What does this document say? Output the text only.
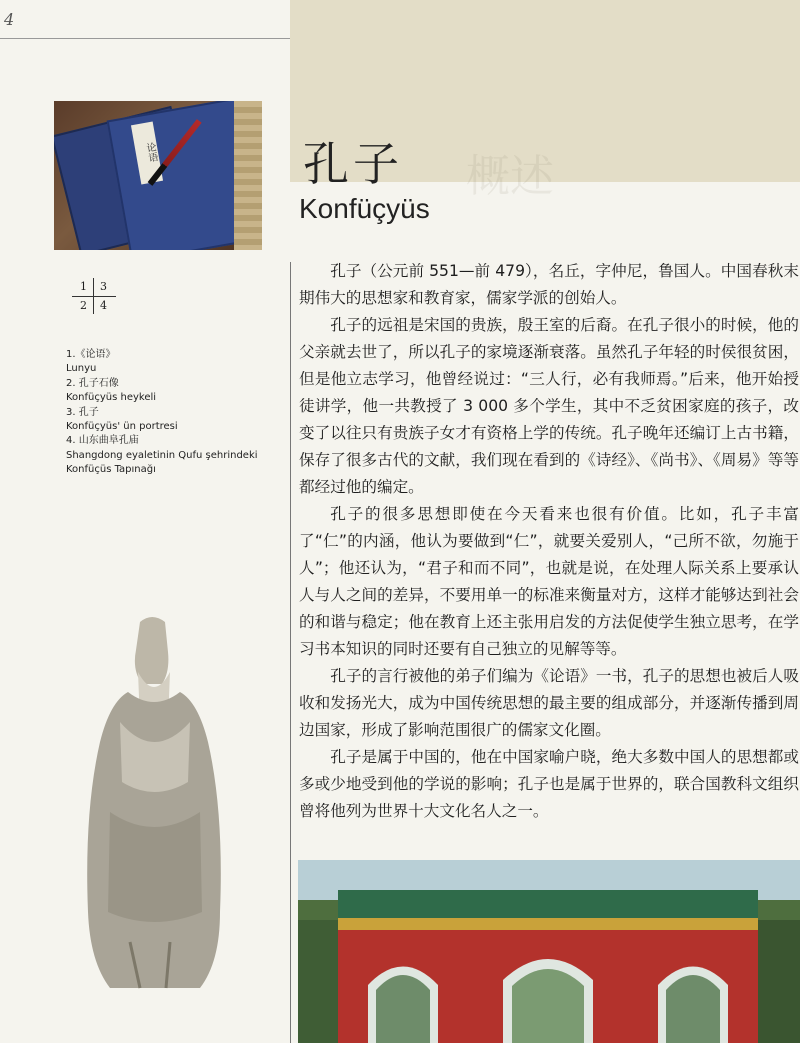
4
概述
论语
1 3
2 4
1.《论语》
Lunyu
2. 孔子石像
Konfüçyüs heykeli
3. 孔子
Konfüçyüs' ün portresi
4. 山东曲阜孔庙
Shangdong eyaletinin Qufu şehrindeki
Konfüçüs Tapınağı
孔子
Konfüçyüs

孔子（公元前 551—前 479），名丘，字仲尼，鲁国人。中国春秋末期伟大的思想家和教育家，儒家学派的创始人。

孔子的远祖是宋国的贵族，殷王室的后裔。在孔子很小的时候，他的父亲就去世了，所以孔子的家境逐渐衰落。虽然孔子年轻的时侯很贫困，但是他立志学习，他曾经说过：“三人行，必有我师焉。”后来，他开始授徒讲学，他一共教授了 3 000 多个学生，其中不乏贫困家庭的孩子，改变了以往只有贵族子女才有资格上学的传统。孔子晚年还编订上古书籍，保存了很多古代的文献，我们现在看到的《诗经》、《尚书》、《周易》等等都经过他的编定。

孔子的很多思想即使在今天看来也很有价值。比如，孔子丰富了“仁”的内涵，他认为要做到“仁”，就要关爱别人，“己所不欲，勿施于人”；他还认为，“君子和而不同”，也就是说，在处理人际关系上要承认人与人之间的差异，不要用单一的标准来衡量对方，这样才能够达到社会的和谐与稳定；他在教育上还主张用启发的方法促使学生独立思考，在学习书本知识的同时还要有自己独立的见解等等。

孔子的言行被他的弟子们编为《论语》一书，孔子的思想也被后人吸收和发扬光大，成为中国传统思想的最主要的组成部分，并逐渐传播到周边国家，形成了影响范围很广的儒家文化圈。

孔子是属于中国的，他在中国家喻户晓，绝大多数中国人的思想都或多或少地受到他的学说的影响；孔子也是属于世界的，联合国教科文组织曾将他列为世界十大文化名人之一。
